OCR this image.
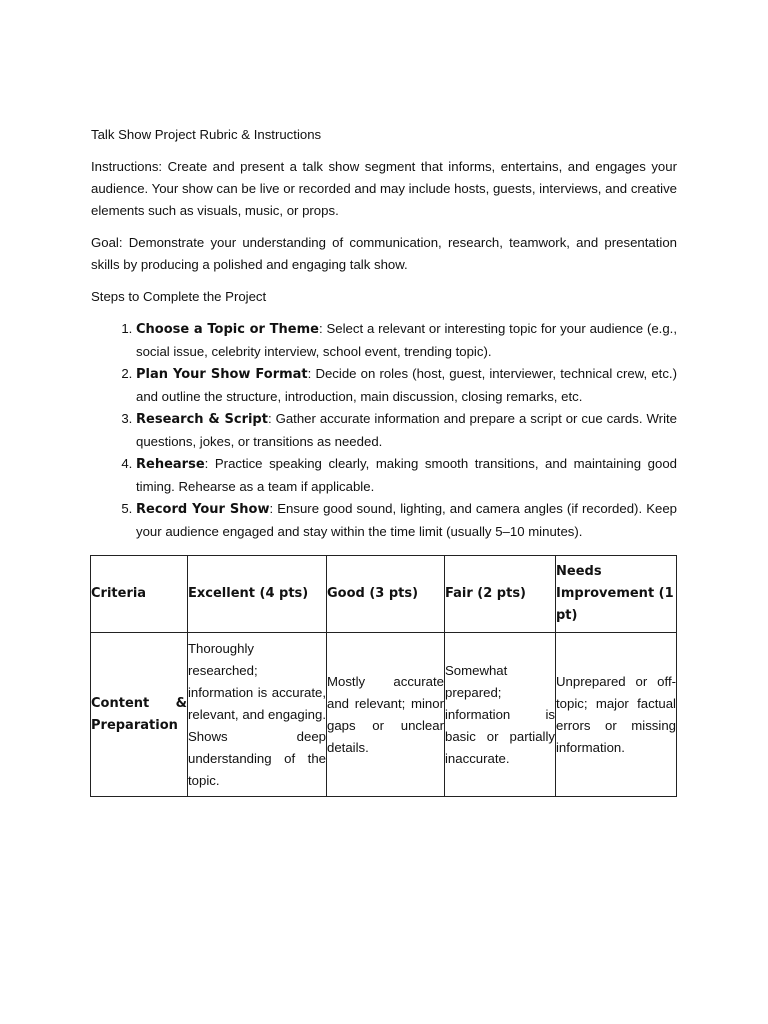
Talk Show Project Rubric & Instructions

Instructions: Create and present a talk show segment that informs, entertains, and engages your audience. Your show can be live or recorded and may include hosts, guests, interviews, and creative elements such as visuals, music, or props.

Goal: Demonstrate your understanding of communication, research, teamwork, and presentation skills by producing a polished and engaging talk show.

Steps to Complete the Project

1. Choose a Topic or Theme: Select a relevant or interesting topic for your audience (e.g., social issue, celebrity interview, school event, trending topic).
2. Plan Your Show Format: Decide on roles (host, guest, interviewer, technical crew, etc.) and outline the structure, introduction, main discussion, closing remarks, etc.
3. Research & Script: Gather accurate information and prepare a script or cue cards. Write questions, jokes, or transitions as needed.
4. Rehearse: Practice speaking clearly, making smooth transitions, and maintaining good timing. Rehearse as a team if applicable.
5. Record Your Show: Ensure good sound, lighting, and camera angles (if recorded). Keep your audience engaged and stay within the time limit (usually 5–10 minutes).
Criteria	Excellent (4 pts)	Good (3 pts)	Fair (2 pts)	Needs Improvement (1 pt)
Content & Preparation	Thoroughly researched; information is accurate, relevant, and engaging. Shows deep understanding of the topic.	Mostly accurate and relevant; minor gaps or unclear details.	Somewhat prepared; information is basic or partially inaccurate.	Unprepared or off-topic; major factual errors or missing information.
